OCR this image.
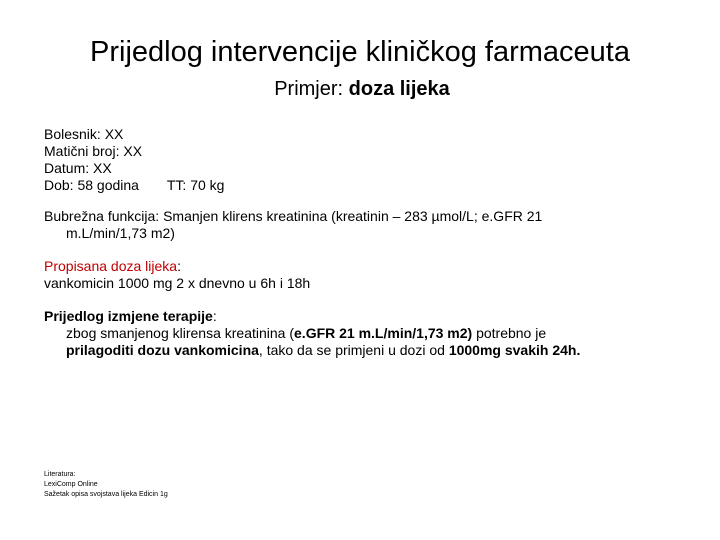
Prijedlog intervencije kliničkog farmaceuta
Primjer: doza lijeka
Bolesnik: XX
Matični broj: XX
Datum: XX
Dob: 58 godina TT: 70 kg
Bubrežna funkcija: Smanjen klirens kreatinina (kreatinin – 283 µmol/L; e.GFR 21
m.L/min/1,73 m2)
Propisana doza lijeka:
vankomicin 1000 mg 2 x dnevno u 6h i 18h
Prijedlog izmjene terapije:
zbog smanjenog klirensa kreatinina (e.GFR 21 m.L/min/1,73 m2) potrebno je
prilagoditi dozu vankomicina, tako da se primjeni u dozi od 1000mg svakih 24h.
Literatura:
LexiComp Online
Sažetak opisa svojstava lijeka Edicin 1g
